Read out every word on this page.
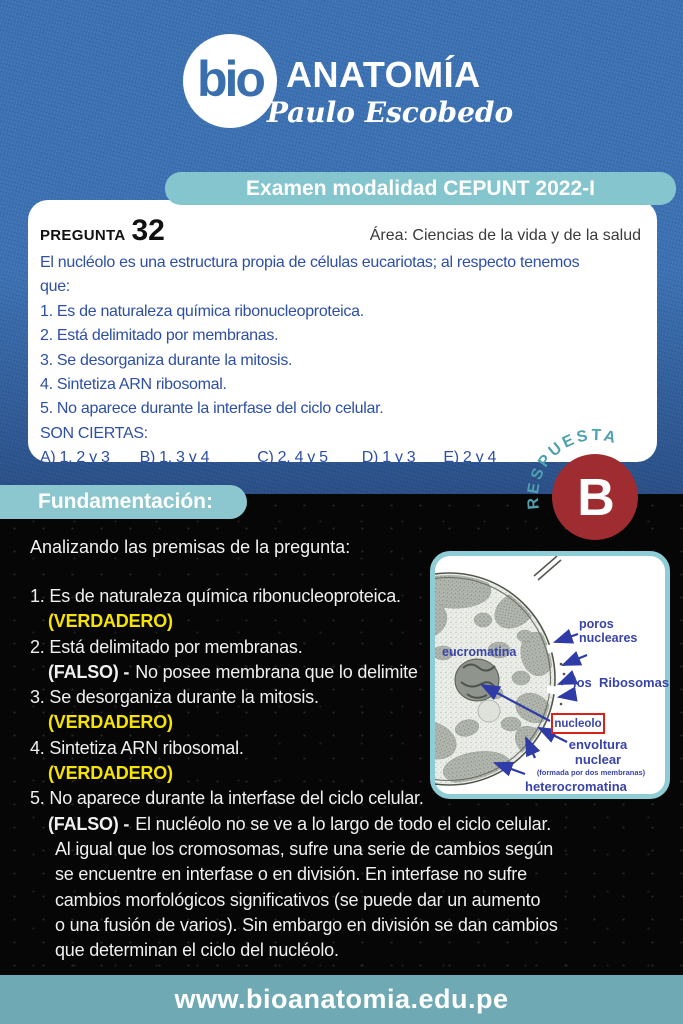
bio ANATOMÍA
Paulo Escobedo
Examen modalidad CEPUNT 2022-I
PREGUNTA 32	Área: Ciencias de la vida y de la salud
El nucléolo es una estructura propia de células eucariotas; al respecto tenemos
que:
1. Es de naturaleza química ribonucleoproteica.
2. Está delimitado por membranas.
3. Se desorganiza durante la mitosis.
4. Sintetiza ARN ribosomal.
5. No aparece durante la interfase del ciclo celular.
SON CIERTAS:
A) 1, 2 y 3 B) 1, 3 y 4	C) 2, 4 y 5 D) 1 y 3 E) 2 y 4
RESPUESTA
B
Fundamentación:
Analizando las premisas de la pregunta:
1. Es de naturaleza química ribonucleoproteica.
(VERDADERO)
2. Está delimitado por membranas.
(FALSO) - No posee membrana que lo delimite
3. Se desorganiza durante la mitosis.
(VERDADERO)
4. Sintetiza ARN ribosomal.
(VERDADERO)
5. No aparece durante la interfase del ciclo celular.
(FALSO) - El nucléolo no se ve a lo largo de todo el ciclo celular.
Al igual que los cromosomas, sufre una serie de cambios según
se encuentre en interfase o en división. En interfase no sufre
cambios morfológicos significativos (se puede dar un aumento
o una fusión de varios). Sin embargo en división se dan cambios
que determinan el ciclo del nucléolo.
poros nucleares
eucromatina
los  Ribosomas
nucleolo
envoltura nuclear
(formada por dos membranas)
heterocromatina
www.bioanatomia.edu.pe
